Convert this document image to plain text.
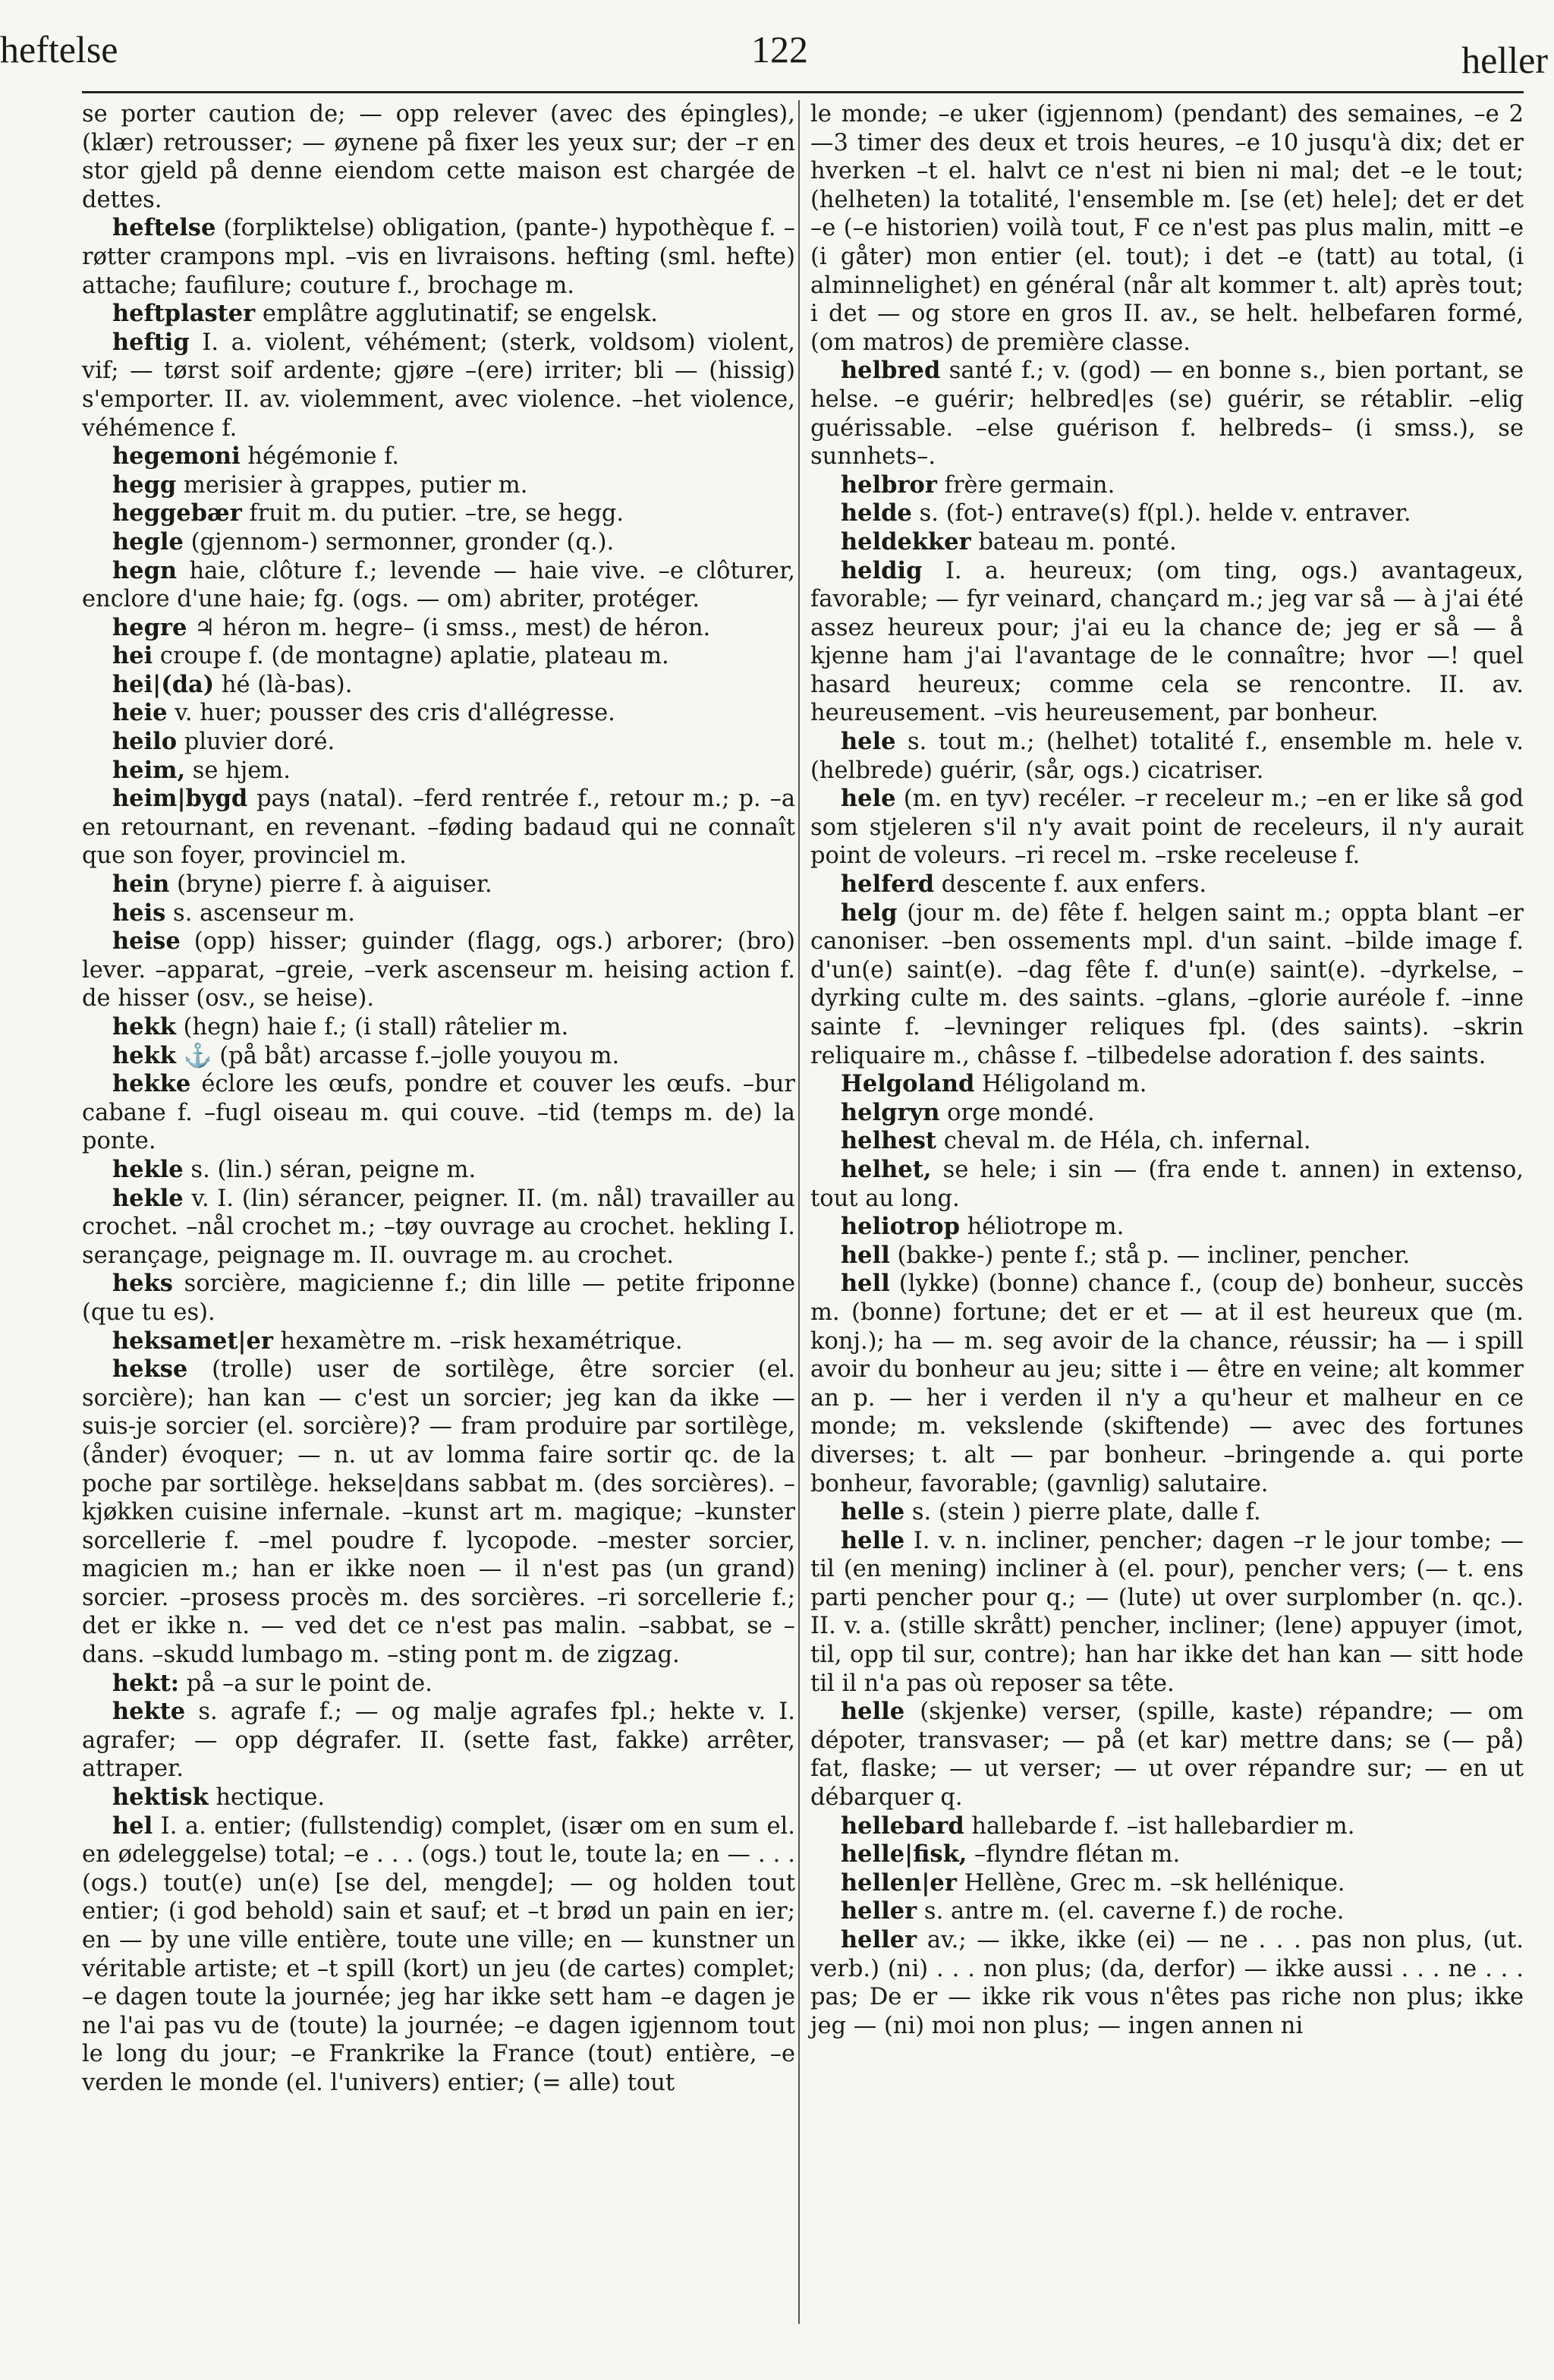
heftelse	122	heller

se porter caution de; — opp relever (avec des épingles), (klær) retrousser; — øynene på fixer les yeux sur; der –r en stor gjeld på denne eiendom cette maison est chargée de dettes.

heftelse (forpliktelse) obligation, (pante-) hypothèque f. –røtter crampons mpl. –vis en livraisons. hefting (sml. hefte) attache; faufilure; couture f., brochage m.

heftplaster emplâtre agglutinatif; se engelsk.

heftig I. a. violent, véhément; (sterk, voldsom) violent, vif; — tørst soif ardente; gjøre –(ere) irriter; bli — (hissig) s'emporter. II. av. violemment, avec violence. –het violence, véhémence f.

hegemoni hégémonie f.

hegg merisier à grappes, putier m.

heggebær fruit m. du putier. –tre, se hegg.

hegle (gjennom-) sermonner, gronder (q.).

hegn haie, clôture f.; levende — haie vive. –e clôturer, enclore d'une haie; fg. (ogs. — om) abriter, protéger.

hegre ♃ héron m. hegre– (i smss., mest) de héron.

hei croupe f. (de montagne) aplatie, plateau m.

hei|(da) hé (là-bas).

heie v. huer; pousser des cris d'allégresse.

heilo pluvier doré.

heim, se hjem.

heim|bygd pays (natal). –ferd rentrée f., retour m.; p. –a en retournant, en revenant. –føding badaud qui ne connaît que son foyer, provinciel m.

hein (bryne) pierre f. à aiguiser.

heis s. ascenseur m.

heise (opp) hisser; guinder (flagg, ogs.) arborer; (bro) lever. –apparat, –greie, –verk ascenseur m. heising action f. de hisser (osv., se heise).

hekk (hegn) haie f.; (i stall) râtelier m.

hekk ⚓ (på båt) arcasse f.–jolle youyou m.

hekke éclore les œufs, pondre et couver les œufs. –bur cabane f. –fugl oiseau m. qui couve. –tid (temps m. de) la ponte.

hekle s. (lin.) séran, peigne m.

hekle v. I. (lin) sérancer, peigner. II. (m. nål) travailler au crochet. –nål crochet m.; –tøy ouvrage au crochet. hekling I. serançage, peignage m. II. ouvrage m. au crochet.

heks sorcière, magicienne f.; din lille — petite friponne (que tu es).

heksamet|er hexamètre m. –risk hexamétrique.

hekse (trolle) user de sortilège, être sorcier (el. sorcière); han kan — c'est un sorcier; jeg kan da ikke — suis-je sorcier (el. sorcière)? — fram produire par sortilège, (ånder) évoquer; — n. ut av lomma faire sortir qc. de la poche par sortilège. hekse|dans sabbat m. (des sorcières). –kjøkken cuisine infernale. –kunst art m. magique; –kunster sorcellerie f. –mel poudre f. lycopode. –mester sorcier, magicien m.; han er ikke noen — il n'est pas (un grand) sorcier. –prosess procès m. des sorcières. –ri sorcellerie f.; det er ikke n. — ved det ce n'est pas malin. –sabbat, se –dans. –skudd lumbago m. –sting pont m. de zigzag.

hekt: på –a sur le point de.

hekte s. agrafe f.; — og malje agrafes fpl.; hekte v. I. agrafer; — opp dégrafer. II. (sette fast, fakke) arrêter, attraper.

hektisk hectique.

hel I. a. entier; (fullstendig) complet, (især om en sum el. en ødeleggelse) total; –e . . . (ogs.) tout le, toute la; en — . . . (ogs.) tout(e) un(e) [se del, mengde]; — og holden tout entier; (i god behold) sain et sauf; et –t brød un pain en ier; en — by une ville entière, toute une ville; en — kunstner un véritable artiste; et –t spill (kort) un jeu (de cartes) complet; –e dagen toute la journée; jeg har ikke sett ham –e dagen je ne l'ai pas vu de (toute) la journée; –e dagen igjennom tout le long du jour; –e Frankrike la France (tout) entière, –e verden le monde (el. l'univers) entier; (= alle) tout

le monde; –e uker (igjennom) (pendant) des semaines, –e 2—3 timer des deux et trois heures, –e 10 jusqu'à dix; det er hverken –t el. halvt ce n'est ni bien ni mal; det –e le tout; (helheten) la totalité, l'ensemble m. [se (et) hele]; det er det –e (–e historien) voilà tout, F ce n'est pas plus malin, mitt –e (i gåter) mon entier (el. tout); i det –e (tatt) au total, (i alminnelighet) en général (når alt kommer t. alt) après tout; i det — og store en gros II. av., se helt. helbefaren formé, (om matros) de première classe.

helbred santé f.; v. (god) — en bonne s., bien portant, se helse. –e guérir; helbred|es (se) guérir, se rétablir. –elig guérissable. –else guérison f. helbreds– (i smss.), se sunnhets–.

helbror frère germain.

helde s. (fot-) entrave(s) f(pl.). helde v. entraver.

heldekker bateau m. ponté.

heldig I. a. heureux; (om ting, ogs.) avantageux, favorable; — fyr veinard, chançard m.; jeg var så — à j'ai été assez heureux pour; j'ai eu la chance de; jeg er så — å kjenne ham j'ai l'avantage de le connaître; hvor —! quel hasard heureux; comme cela se rencontre. II. av. heureusement. –vis heureusement, par bonheur.

hele s. tout m.; (helhet) totalité f., ensemble m. hele v. (helbrede) guérir, (sår, ogs.) cicatriser.

hele (m. en tyv) recéler. –r receleur m.; –en er like så god som stjeleren s'il n'y avait point de receleurs, il n'y aurait point de voleurs. –ri recel m. –rske receleuse f.

helferd descente f. aux enfers.

helg (jour m. de) fête f. helgen saint m.; oppta blant –er canoniser. –ben ossements mpl. d'un saint. –bilde image f. d'un(e) saint(e). –dag fête f. d'un(e) saint(e). –dyrkelse, –dyrking culte m. des saints. –glans, –glorie auréole f. –inne sainte f. –levninger reliques fpl. (des saints). –skrin reliquaire m., châsse f. –tilbedelse adoration f. des saints.

Helgoland Héligoland m.

helgryn orge mondé.

helhest cheval m. de Héla, ch. infernal.

helhet, se hele; i sin — (fra ende t. annen) in extenso, tout au long.

heliotrop héliotrope m.

hell (bakke-) pente f.; stå p. — incliner, pencher.

hell (lykke) (bonne) chance f., (coup de) bonheur, succès m. (bonne) fortune; det er et — at il est heureux que (m. konj.); ha — m. seg avoir de la chance, réussir; ha — i spill avoir du bonheur au jeu; sitte i — être en veine; alt kommer an p. — her i verden il n'y a qu'heur et malheur en ce monde; m. vekslende (skiftende) — avec des fortunes diverses; t. alt — par bonheur. –bringende a. qui porte bonheur, favorable; (gavnlig) salutaire.

helle s. (stein ) pierre plate, dalle f.

helle I. v. n. incliner, pencher; dagen –r le jour tombe; — til (en mening) incliner à (el. pour), pencher vers; (— t. ens parti pencher pour q.; — (lute) ut over surplomber (n. qc.). II. v. a. (stille skrått) pencher, incliner; (lene) appuyer (imot, til, opp til sur, contre); han har ikke det han kan — sitt hode til il n'a pas où reposer sa tête.

helle (skjenke) verser, (spille, kaste) répandre; — om dépoter, transvaser; — på (et kar) mettre dans; se (— på) fat, flaske; — ut verser; — ut over répandre sur; — en ut débarquer q.

hellebard hallebarde f. –ist hallebardier m.

helle|fisk, –flyndre flétan m.

hellen|er Hellène, Grec m. –sk hellénique.

heller s. antre m. (el. caverne f.) de roche.

heller av.; — ikke, ikke (ei) — ne . . . pas non plus, (ut. verb.) (ni) . . . non plus; (da, derfor) — ikke aussi . . . ne . . . pas; De er — ikke rik vous n'êtes pas riche non plus; ikke jeg — (ni) moi non plus; — ingen annen ni
